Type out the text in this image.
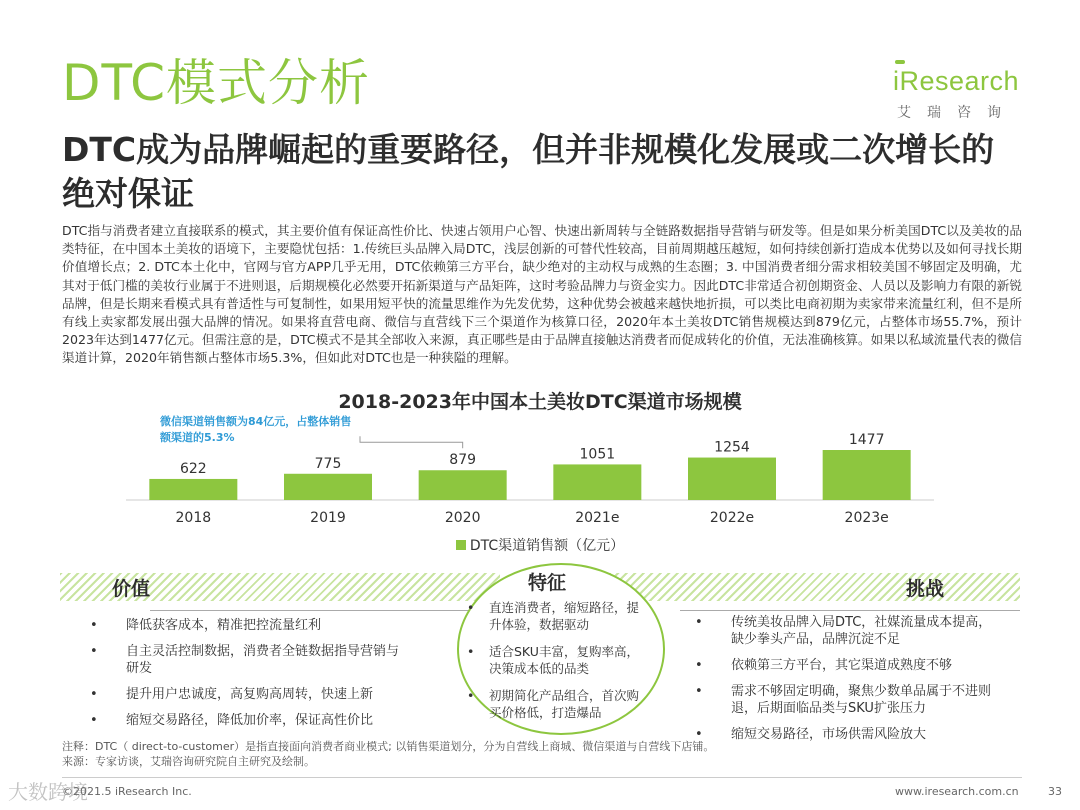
DTC模式分析	iResearch
艾瑞咨询
DTC成为品牌崛起的重要路径，但并非规模化发展或二次增长的绝对保证
DTC指与消费者建立直接联系的模式，其主要价值有保证高性价比、快速占领用户心智、快速出新周转与全链路数据指导营销与研发等。但是如果分析美国DTC以及美妆的品类特征，在中国本土美妆的语境下，主要隐忧包括：1.传统巨头品牌入局DTC，浅层创新的可替代性较高，目前周期越压越短，如何持续创新打造成本优势以及如何寻找长期价值增长点；2. DTC本土化中，官网与官方APP几乎无用，DTC依赖第三方平台，缺少绝对的主动权与成熟的生态圈；3. 中国消费者细分需求相较美国不够固定及明确，尤其对于低门槛的美妆行业属于不进则退，后期规模化必然要开拓新渠道与产品矩阵，这时考验品牌力与资金实力。因此DTC非常适合初创期资金、人员以及影响力有限的新锐品牌，但是长期来看模式具有普适性与可复制性，如果用短平快的流量思维作为先发优势，这种优势会被越来越快地折损，可以类比电商初期为卖家带来流量红利，但不是所有线上卖家都发展出强大品牌的情况。如果将直营电商、微信与直营线下三个渠道作为核算口径，2020年本土美妆DTC销售规模达到879亿元，占整体市场55.7%，预计2023年达到1477亿元。但需注意的是，DTC模式不是其全部收入来源，真正哪些是由于品牌直接触达消费者而促成转化的价值，无法准确核算。如果以私域流量代表的微信渠道计算，2020年销售额占整体市场5.3%，但如此对DTC也是一种狭隘的理解。
2018-2023年中国本土美妆DTC渠道市场规模
622
2018
775
2019
879
2020
1051
2021e
1254
2022e
1477
2023e
微信渠道销售额为84亿元，占整体销售额渠道的5.3%
DTC渠道销售额（亿元）
价值	挑战
特征
• 降低获客成本，精准把控流量红利
• 自主灵活控制数据，消费者全链数据指导营销与研发
• 提升用户忠诚度，高复购高周转，快速上新
• 缩短交易路径，降低加价率，保证高性价比
• 直连消费者，缩短路径，提升体验，数据驱动
• 适合SKU丰富，复购率高，决策成本低的品类
• 初期简化产品组合，首次购买价格低，打造爆品
• 传统美妆品牌入局DTC，社媒流量成本提高，缺少拳头产品，品牌沉淀不足
• 依赖第三方平台，其它渠道成熟度不够
• 需求不够固定明确，聚焦少数单品属于不进则退，后期面临品类与SKU扩张压力
• 缩短交易路径，市场供需风险放大
注释：DTC（ direct-to-customer）是指直接面向消费者商业模式; 以销售渠道划分，分为自营线上商城、微信渠道与自营线下店铺。
来源：专家访谈，艾瑞咨询研究院自主研究及绘制。
©2021.5 iResearch Inc.	www.iresearch.com.cn	33
大数跨境
